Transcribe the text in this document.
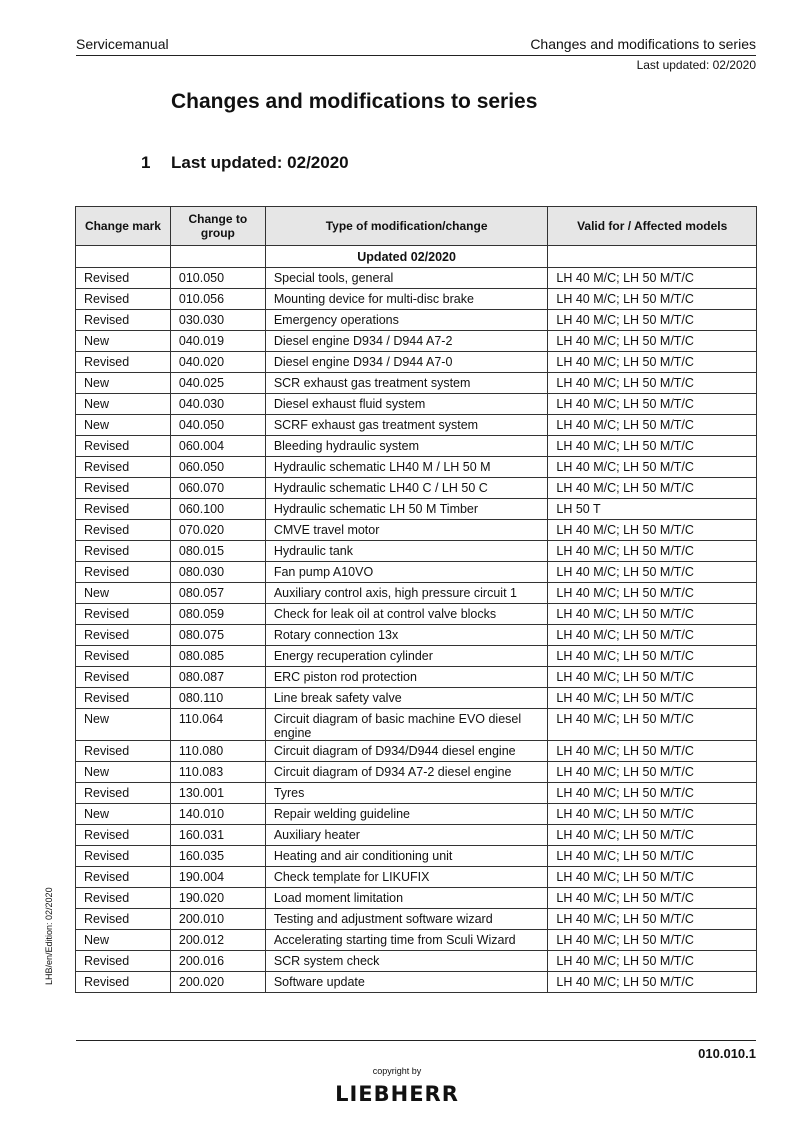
Servicemanual	Changes and modifications to series
Last updated: 02/2020
Changes and modifications to series
1 Last updated: 02/2020
LHB/en/Edition: 02/2020
Change mark	Change to group	Type of modification/change	Valid for / Affected models
		Updated 02/2020	
Revised	010.050	Special tools, general	LH 40 M/C; LH 50 M/T/C
Revised	010.056	Mounting device for multi-disc brake	LH 40 M/C; LH 50 M/T/C
Revised	030.030	Emergency operations	LH 40 M/C; LH 50 M/T/C
New	040.019	Diesel engine D934 / D944 A7-2	LH 40 M/C; LH 50 M/T/C
Revised	040.020	Diesel engine D934 / D944 A7-0	LH 40 M/C; LH 50 M/T/C
New	040.025	SCR exhaust gas treatment system	LH 40 M/C; LH 50 M/T/C
New	040.030	Diesel exhaust fluid system	LH 40 M/C; LH 50 M/T/C
New	040.050	SCRF exhaust gas treatment system	LH 40 M/C; LH 50 M/T/C
Revised	060.004	Bleeding hydraulic system	LH 40 M/C; LH 50 M/T/C
Revised	060.050	Hydraulic schematic LH40 M / LH 50 M	LH 40 M/C; LH 50 M/T/C
Revised	060.070	Hydraulic schematic LH40 C / LH 50 C	LH 40 M/C; LH 50 M/T/C
Revised	060.100	Hydraulic schematic LH 50 M Timber	LH 50 T
Revised	070.020	CMVE travel motor	LH 40 M/C; LH 50 M/T/C
Revised	080.015	Hydraulic tank	LH 40 M/C; LH 50 M/T/C
Revised	080.030	Fan pump A10VO	LH 40 M/C; LH 50 M/T/C
New	080.057	Auxiliary control axis, high pressure circuit 1	LH 40 M/C; LH 50 M/T/C
Revised	080.059	Check for leak oil at control valve blocks	LH 40 M/C; LH 50 M/T/C
Revised	080.075	Rotary connection 13x	LH 40 M/C; LH 50 M/T/C
Revised	080.085	Energy recuperation cylinder	LH 40 M/C; LH 50 M/T/C
Revised	080.087	ERC piston rod protection	LH 40 M/C; LH 50 M/T/C
Revised	080.110	Line break safety valve	LH 40 M/C; LH 50 M/T/C
New	110.064	Circuit diagram of basic machine EVO diesel engine	LH 40 M/C; LH 50 M/T/C
Revised	110.080	Circuit diagram of D934/D944 diesel engine	LH 40 M/C; LH 50 M/T/C
New	110.083	Circuit diagram of D934 A7-2 diesel engine	LH 40 M/C; LH 50 M/T/C
Revised	130.001	Tyres	LH 40 M/C; LH 50 M/T/C
New	140.010	Repair welding guideline	LH 40 M/C; LH 50 M/T/C
Revised	160.031	Auxiliary heater	LH 40 M/C; LH 50 M/T/C
Revised	160.035	Heating and air conditioning unit	LH 40 M/C; LH 50 M/T/C
Revised	190.004	Check template for LIKUFIX	LH 40 M/C; LH 50 M/T/C
Revised	190.020	Load moment limitation	LH 40 M/C; LH 50 M/T/C
Revised	200.010	Testing and adjustment software wizard	LH 40 M/C; LH 50 M/T/C
New	200.012	Accelerating starting time from Sculi Wizard	LH 40 M/C; LH 50 M/T/C
Revised	200.016	SCR system check	LH 40 M/C; LH 50 M/T/C
Revised	200.020	Software update	LH 40 M/C; LH 50 M/T/C
010.010.1
copyright by
LIEBHERR
